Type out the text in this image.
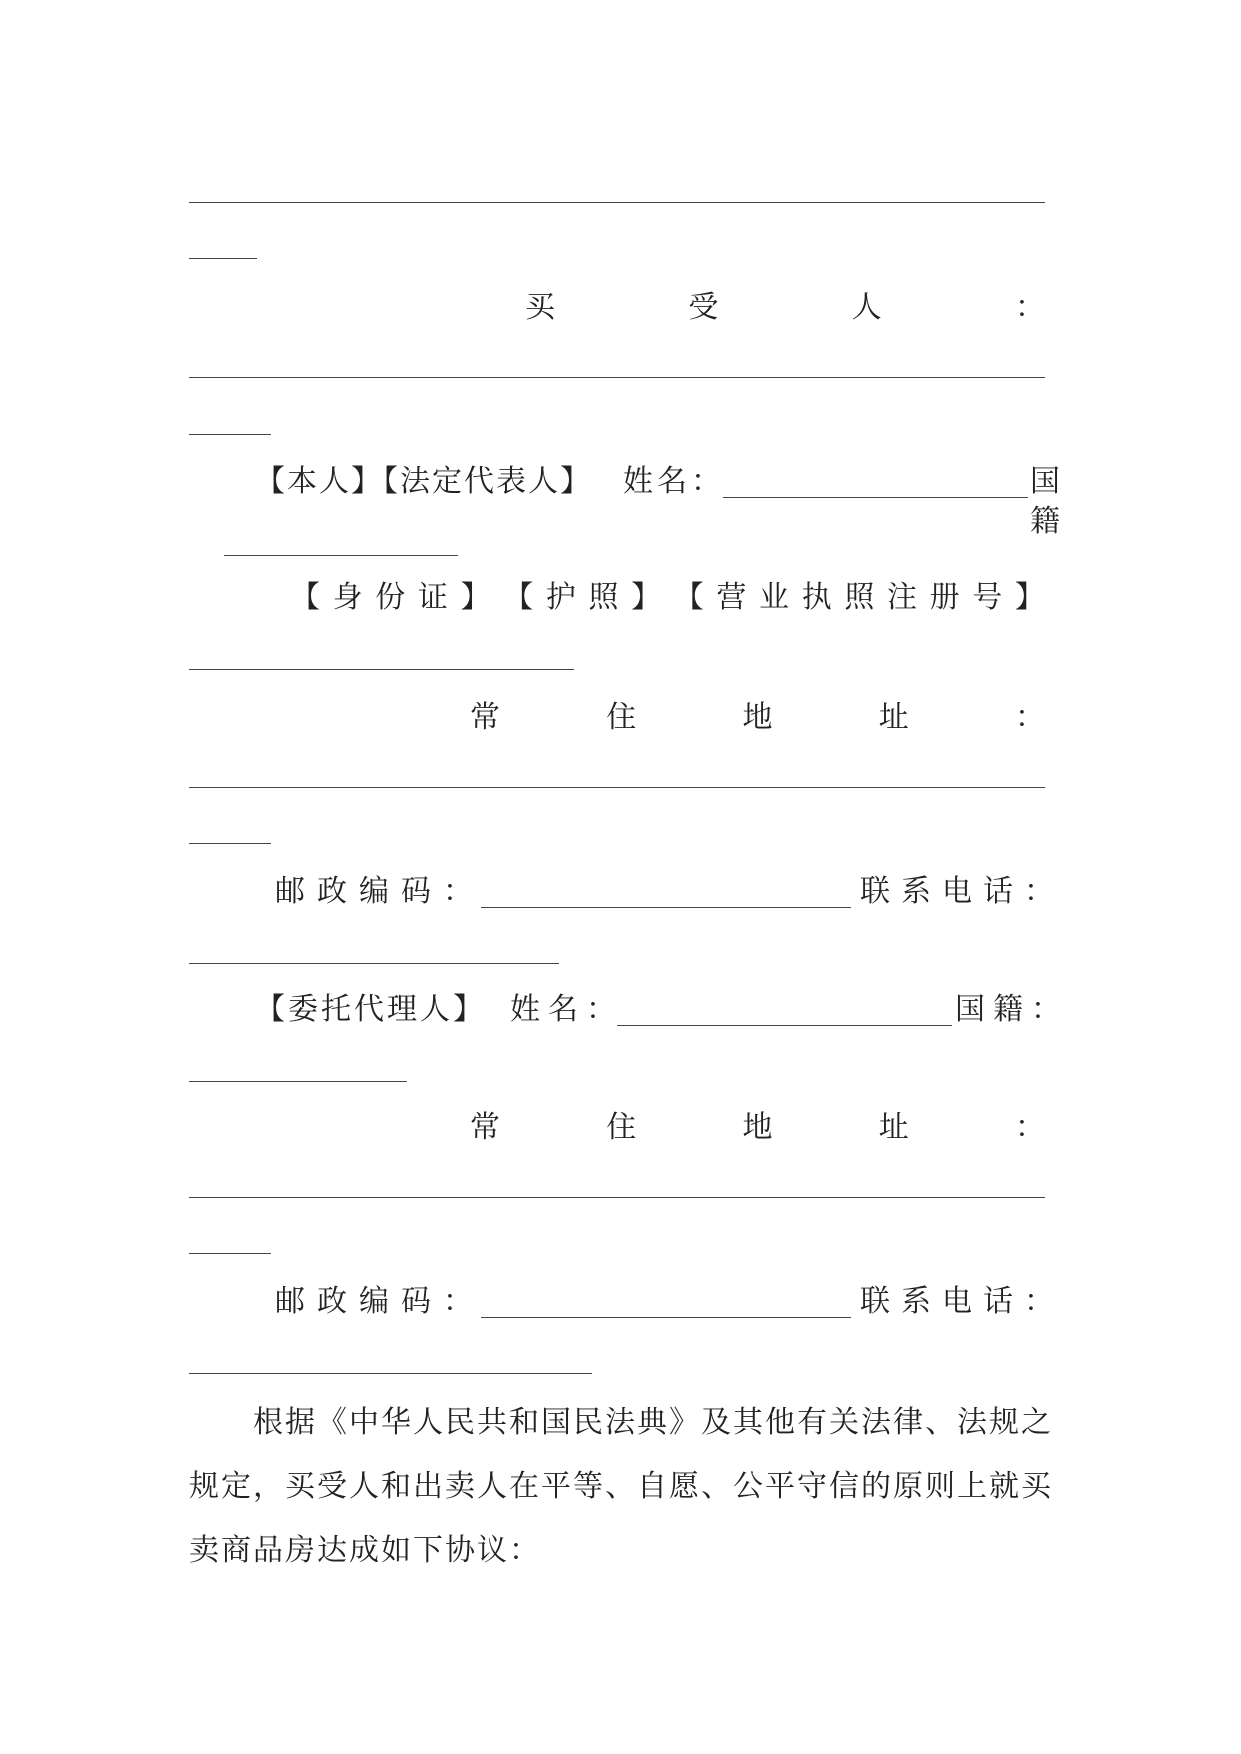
买	受	人	：
【本人】【法定代表人】 姓名：	国籍
【 身 份 证 】 【 护 照 】 【 营 业 执 照 注 册 号 】
常	住	地	址	：
邮政编码：	联系电话：
【委托代理人】 姓名：	国籍：
常	住	地	址	：
邮政编码：	联系电话：
根据《中华人民共和国民法典》及其他有关法律、法规之规定，买受人和出卖人在平等、自愿、公平守信的原则上就买卖商品房达成如下协议：
